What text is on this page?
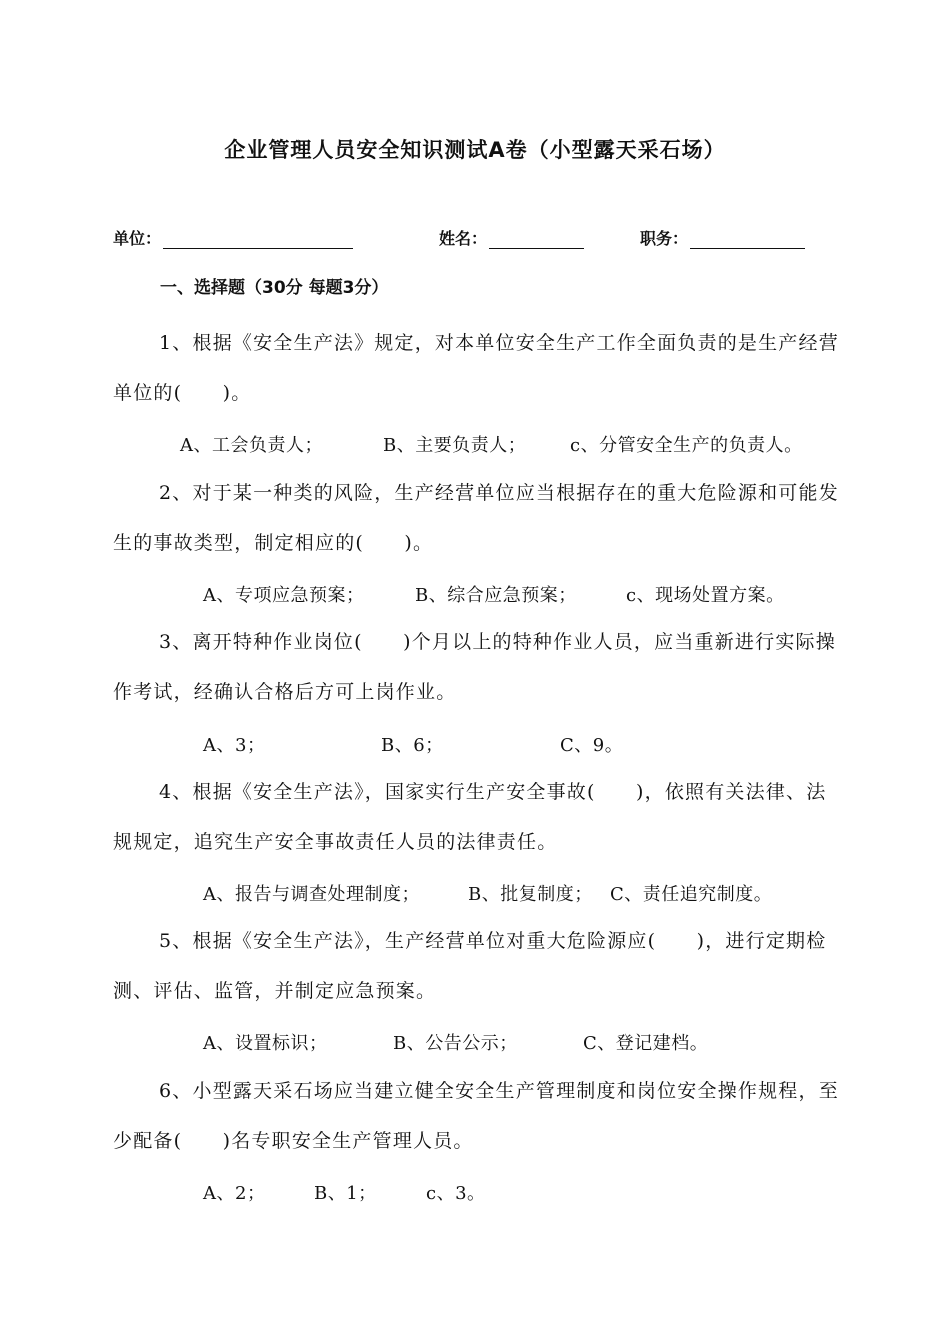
企业管理人员安全知识测试A卷（小型露天采石场）
单位：	姓名：	职务：
一、选择题（30分 每题3分）

1、根据《安全生产法》规定，对本单位安全生产工作全面负责的是生产经营单位的(　　)。

A、工会负责人；	B、主要负责人； c、分管安全生产的负责人。

2、对于某一种类的风险，生产经营单位应当根据存在的重大危险源和可能发生的事故类型，制定相应的(　　)。

A、专项应急预案；	B、综合应急预案；	c、现场处置方案。

3、离开特种作业岗位(　　)个月以上的特种作业人员，应当重新进行实际操作考试，经确认合格后方可上岗作业。

A、3；	B、6；	C、9。

4、根据《安全生产法》，国家实行生产安全事故(　　)，依照有关法律、法规规定，追究生产安全事故责任人员的法律责任。

A、报告与调查处理制度；	B、批复制度； C、责任追究制度。

5、根据《安全生产法》，生产经营单位对重大危险源应(　　)，进行定期检测、评估、监管，并制定应急预案。

A、设置标识；	B、公告公示；	C、登记建档。

6、小型露天采石场应当建立健全安全生产管理制度和岗位安全操作规程，至少配备(　　)名专职安全生产管理人员。

A、2；	B、1；	c、3。
